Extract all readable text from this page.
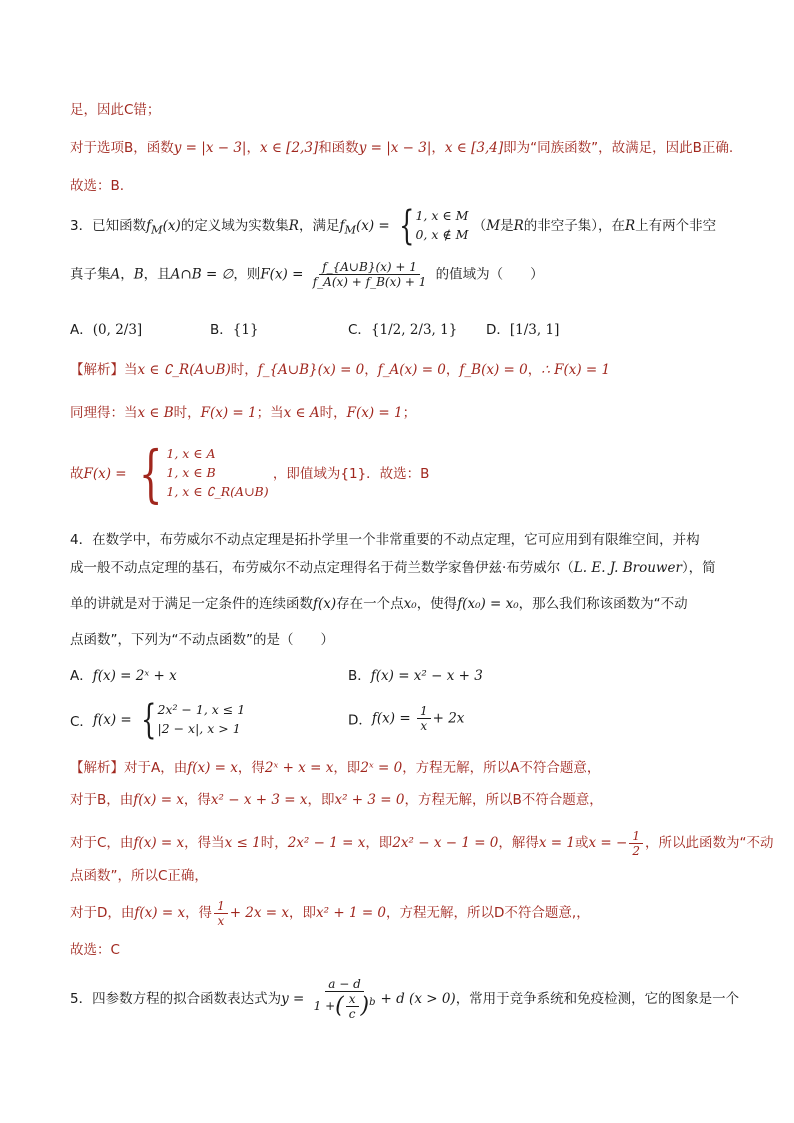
足，因此C错；
对于选项B，函数y = |x − 3|，x ∈ [2,3]和函数y = |x − 3|，x ∈ [3,4]即为“同族函数”，故满足，因此B正确.
故选：B.
3．已知函数$f_M(x)$的定义域为实数集R，满足$f_M(x)$ = { 1, x ∈ M
0, x ∉ M
（M是R的非空子集），在R上有两个非空
真子集A，B，且A∩B = ∅，则$F(x) = \frac{f\_\{A\cup B\}(x) + 1}{f\_A(x) + f\_B(x) + 1}$ 的值域为（　　）
A．(0, 2/3]	B．{1}	C．{1/2, 2/3, 1} D．[1/3, 1]
【解析】当x ∈ ∁_R(A∪B)时，f_{A∪B}(x) = 0，f_A(x) = 0，f_B(x) = 0，∴ F(x) = 1
同理得：当x ∈ B时，F(x) = 1；当x ∈ A时，F(x) = 1；
故F(x) = { 1, x ∈ A
1, x ∈ B
1, x ∈ ∁_R(A∪B)
，即值域为{1}．故选：B
4．在数学中，布劳威尔不动点定理是拓扑学里一个非常重要的不动点定理，它可应用到有限维空间，并构
成一般不动点定理的基石，布劳威尔不动点定理得名于荷兰数学家鲁伊兹·布劳威尔（L. E. J. Brouwer），简
单的讲就是对于满足一定条件的连续函数f(x)存在一个点x₀，使得f(x₀) = x₀，那么我们称该函数为“不动
点函数”，下列为“不动点函数”的是（　　）
A．f(x) = 2ˣ + x	B．f(x) = x² − x + 3
C．f(x) = { 2x² − 1, x ≤ 1
|2 − x|, x > 1	D．$f(x) = \frac{1}{x} + 2x$
【解析】对于A，由f(x) = x，得2ˣ + x = x，即2ˣ = 0，方程无解，所以A不符合题意，
对于B，由f(x) = x，得x² − x + 3 = x，即x² + 3 = 0，方程无解，所以B不符合题意，
对于C，由f(x) = x，得当x ≤ 1时，2x² − 1 = x，即2x² − x − 1 = 0，解得x = 1或x = − $\frac{1}{2}$ ，所以此函数为“不动
点函数”，所以C正确，
对于D，由f(x) = x，得 $\frac{1}{x} + 2x = x$，即x² + 1 = 0，方程无解，所以D不符合题意,，
故选：C
5．四参数方程的拟合函数表达式为$y = \frac{a - d}{1 +( \frac{x}{c} )^b} + d$ (x > 0)，常用于竞争系统和免疫检测，它的图象是一个
